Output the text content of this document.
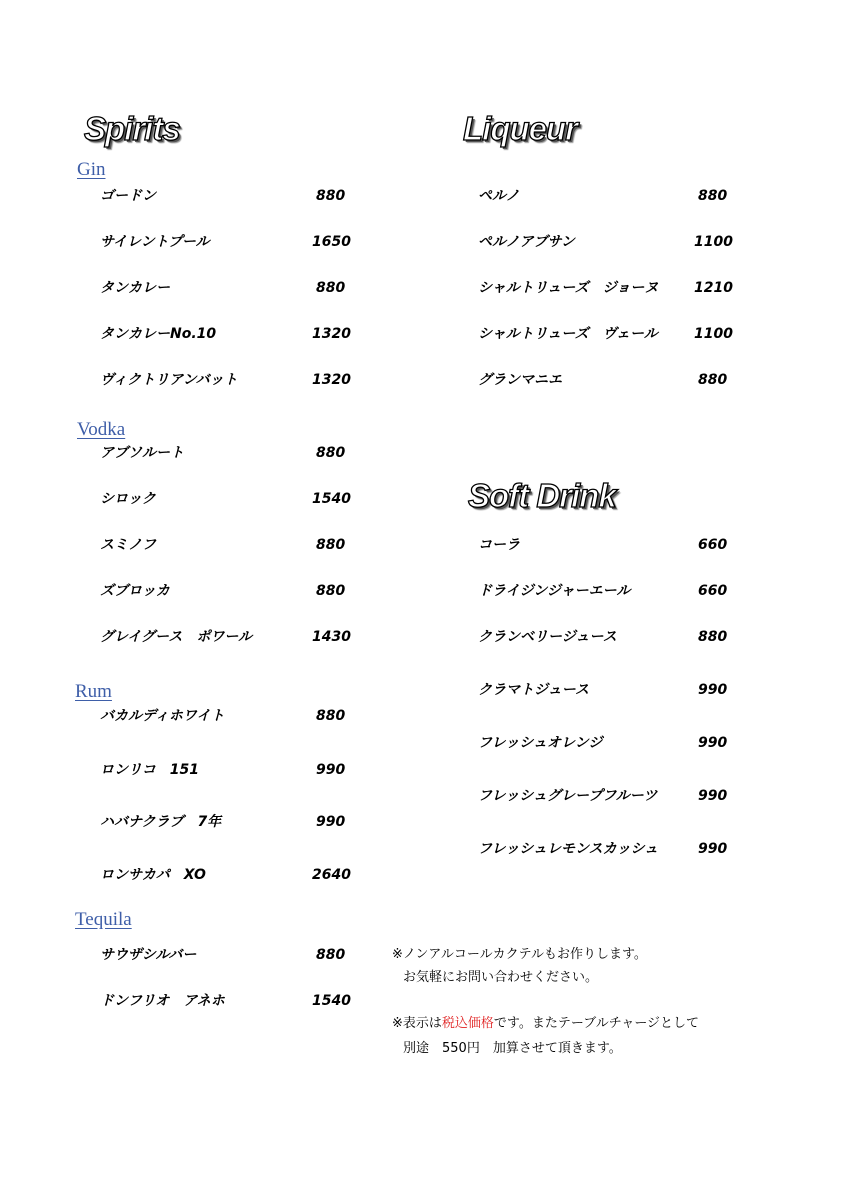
Spirits
Gin
ゴードン	880
サイレントプール	1650
タンカレー	880
タンカレーNo.10	1320
ヴィクトリアンバット	1320
Vodka
アブソルート	880
シロック	1540
スミノフ	880
ズブロッカ	880
グレイグース　ポワール	1430
Rum
バカルディホワイト	880
ロンリコ　151	990
ハバナクラブ　7年	990
ロンサカパ　XO	2640
Tequila
サウザシルバー	880
ドンフリオ　アネホ	1540
Liqueur
ペルノ	880
ペルノアブサン	1100
シャルトリューズ　ジョーヌ	1210
シャルトリューズ　ヴェール	1100
グランマニエ	880
Soft Drink
コーラ	660
ドライジンジャーエール	660
クランベリージュース	880
クラマトジュース	990
フレッシュオレンジ	990
フレッシュグレープフルーツ	990
フレッシュレモンスカッシュ	990
※ノンアルコールカクテルもお作りします。
お気軽にお問い合わせください。
※表示は税込価格です。またテーブルチャージとして
別途　550円　加算させて頂きます。
